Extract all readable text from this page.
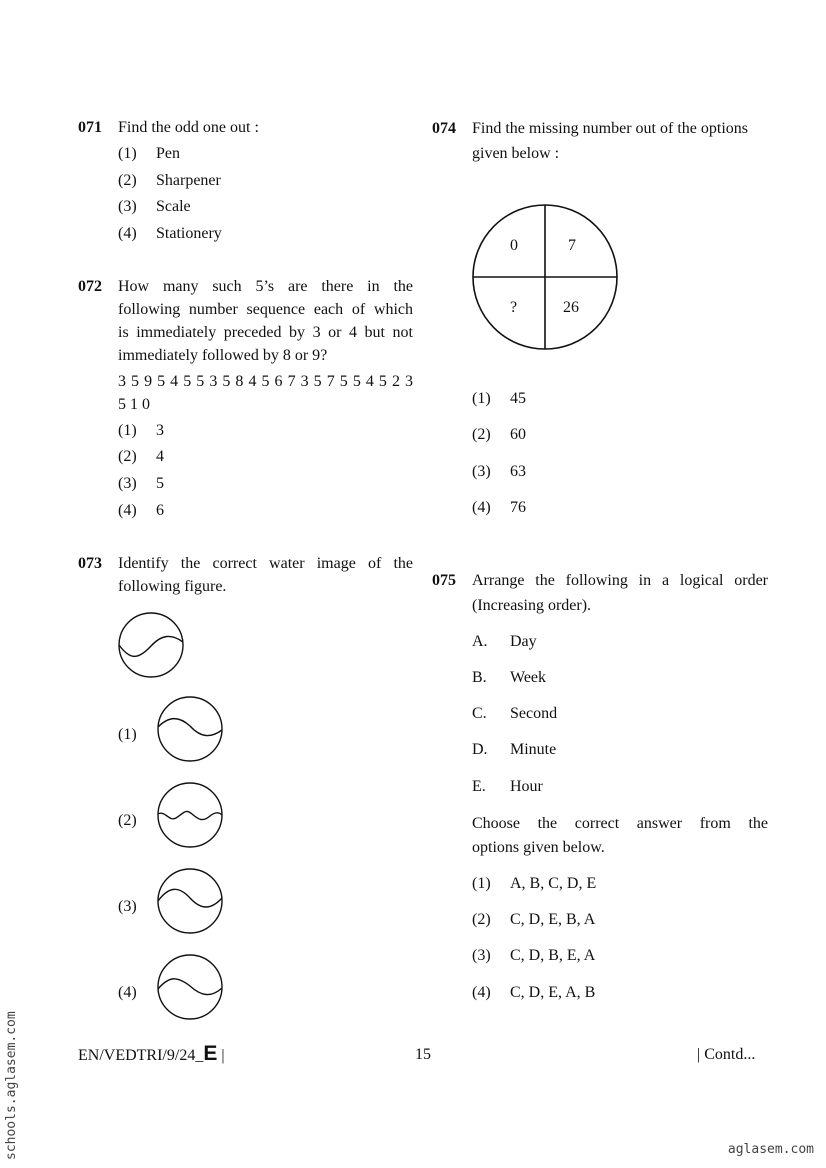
071 Find the odd one out :
(1) Pen
(2) Sharpener
(3) Scale
(4) Stationery
072 How many such 5’s are there in the
following number sequence each of which
is immediately preceded by 3 or 4 but not
immediately followed by 8 or 9?
3 5 9 5 4 5 5 3 5 8 4 5 6 7 3 5 7 5 5 4 5 2 3
5 1 0
(1) 3
(2) 4
(3) 5
(4) 6
073 Identify the correct water image of the
following figure.
(1)
(2)
(3)
(4)
074 Find the missing number out of the options
given below :
0	7
?	26
(1) 45
(2) 60
(3) 63
(4) 76
075 Arrange the following in a logical order
(Increasing order).
A. Day
B. Week
C. Second
D. Minute
E. Hour
Choose the correct answer from the
options given below.
(1) A, B, C, D, E
(2) C, D, E, B, A
(3) C, D, B, E, A
(4) C, D, E, A, B
EN/VEDTRI/9/24_E |	15	| Contd...
schools.aglasem.com	aglasem.com
